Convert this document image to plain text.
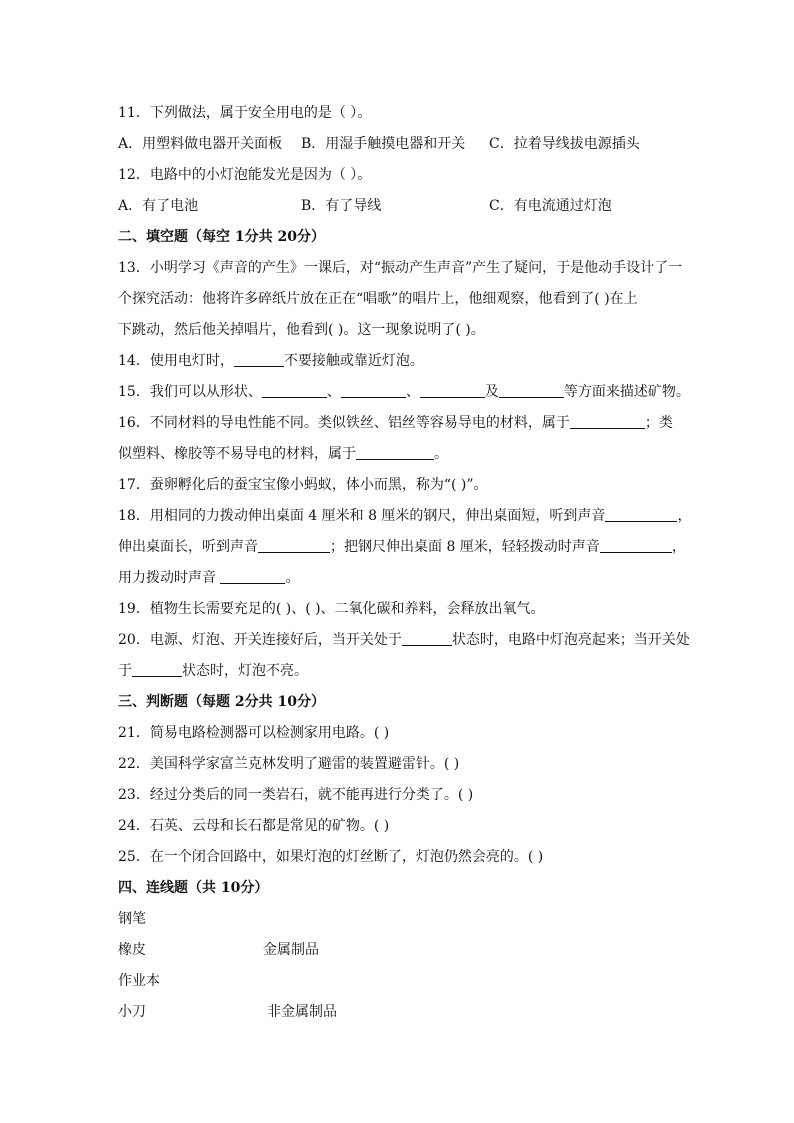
11．下列做法，属于安全用电的是（ ）。
A．用塑料做电器开关面板 B．用湿手触摸电器和开关 C．拉着导线拔电源插头
12．电路中的小灯泡能发光是因为（ ）。
A．有了电池	B．有了导线	C．有电流通过灯泡
二、填空题（每空 1分共 20分）
13．小明学习《声音的产生》一课后，对“振动产生声音”产生了疑问，于是他动手设计了一
个探究活动：他将许多碎纸片放在正在“唱歌”的唱片上，他细观察，他看到了( )在上
下跳动，然后他关掉唱片，他看到( )。这一现象说明了( )。
14．使用电灯时，	不要接触或靠近灯泡。
15．我们可以从形状、	、	、	及	等方面来描述矿物。
16．不同材料的导电性能不同。类似铁丝、铝丝等容易导电的材料，属于	；类
似塑料、橡胶等不易导电的材料，属于	。
17．蚕卵孵化后的蚕宝宝像小蚂蚁，体小而黑，称为“( )”。
18．用相同的力拨动伸出桌面 4 厘米和 8 厘米的钢尺，伸出桌面短，听到声音	，
伸出桌面长，听到声音	；把钢尺伸出桌面 8 厘米，轻轻拨动时声音	，
用力拨动时声音	。
19．植物生长需要充足的( )、( )、二氧化碳和养料，会释放出氧气。
20．电源、灯泡、开关连接好后，当开关处于	状态时，电路中灯泡亮起来；当开关处
于	状态时，灯泡不亮。
三、判断题（每题 2分共 10分）
21．简易电路检测器可以检测家用电路。( )
22．美国科学家富兰克林发明了避雷的装置避雷针。( )
23．经过分类后的同一类岩石，就不能再进行分类了。( )
24．石英、云母和长石都是常见的矿物。( )
25．在一个闭合回路中，如果灯泡的灯丝断了，灯泡仍然会亮的。( )
四、连线题（共 10分）
钢笔
橡皮	金属制品
作业本
小刀	非金属制品
